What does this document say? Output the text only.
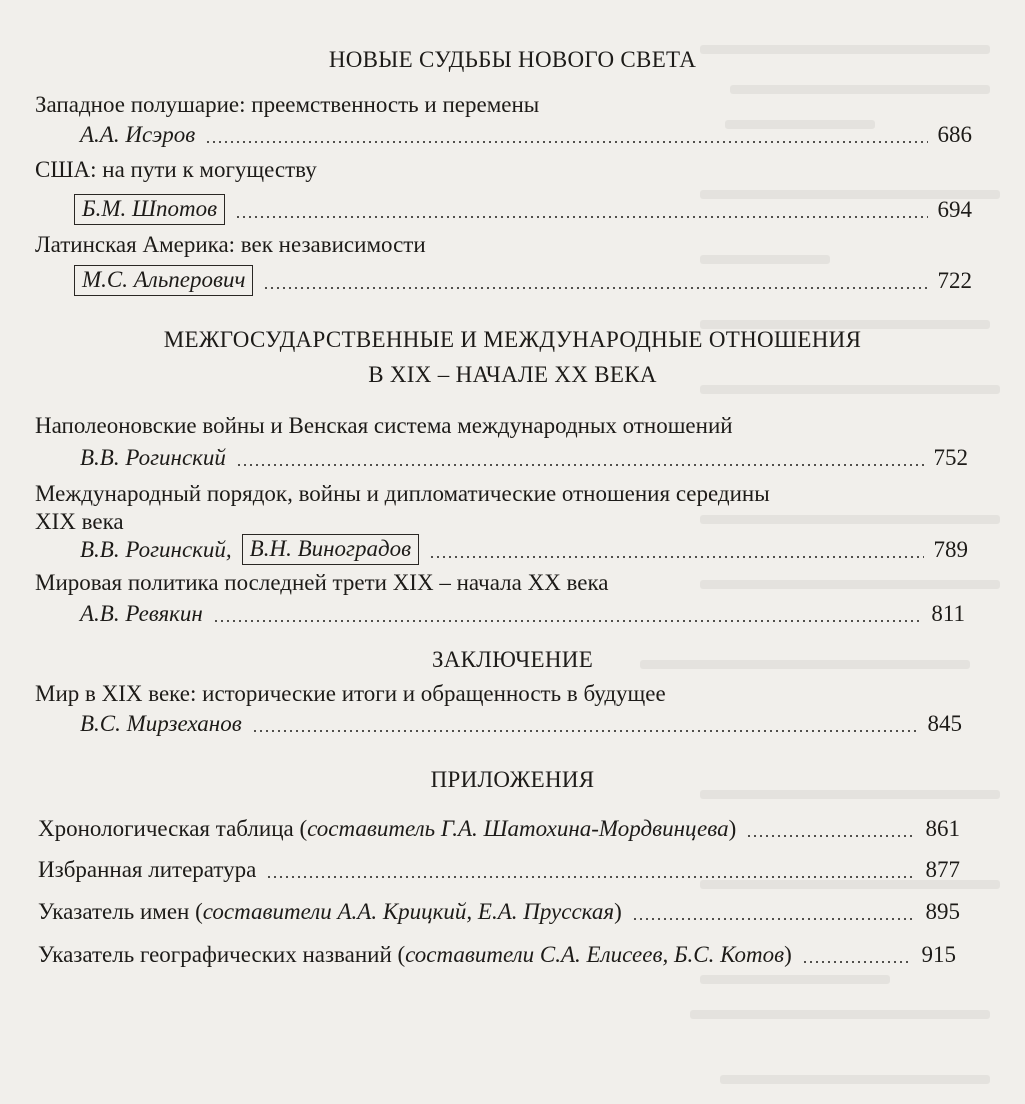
НОВЫЕ СУДЬБЫ НОВОГО СВЕТА
Западное полушарие: преемственность и перемены
А.А. Исэров	686
США: на пути к могуществу
Б.М. Шпотов	694
Латинская Америка: век независимости
М.С. Альперович	722
МЕЖГОСУДАРСТВЕННЫЕ И МЕЖДУНАРОДНЫЕ ОТНОШЕНИЯ
В XIX – НАЧАЛЕ XX ВЕКА
Наполеоновские войны и Венская система международных отношений
В.В. Рогинский	752
Международный порядок, войны и дипломатические отношения середины
XIX века
В.В. Рогинский, В.Н. Виноградов	789
Мировая политика последней трети XIX – начала XX века
А.В. Ревякин	811
ЗАКЛЮЧЕНИЕ
Мир в XIX веке: исторические итоги и обращенность в будущее
В.С. Мирзеханов	845
ПРИЛОЖЕНИЯ
Хронологическая таблица (составитель Г.А. Шатохина-Мордвинцева)	861
Избранная литература	877
Указатель имен (составители А.А. Крицкий, Е.А. Прусская)	895
Указатель географических названий (составители С.А. Елисеев, Б.С. Котов)	915
